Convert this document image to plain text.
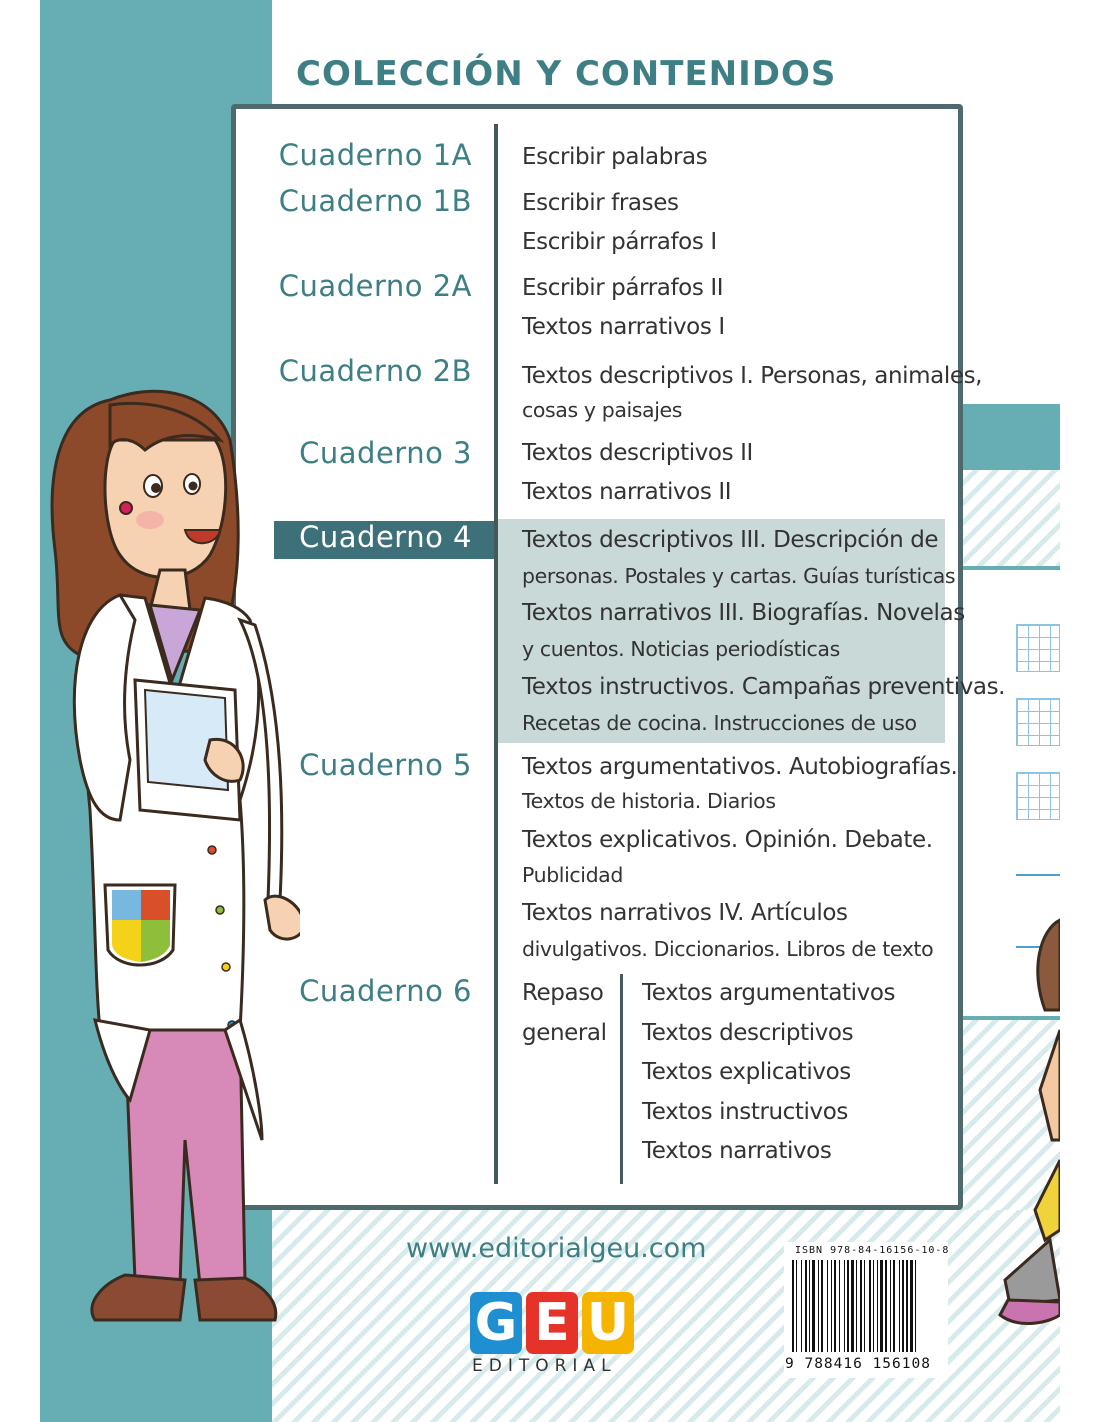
COLECCIÓN Y CONTENIDOS
Cuaderno 1A
Cuaderno 1B
Cuaderno 2A
Cuaderno 2B
Cuaderno 3
Cuaderno 4
Cuaderno 5
Cuaderno 6
Escribir palabras
Escribir frases
Escribir párrafos I
Escribir párrafos II
Textos narrativos I
Textos descriptivos I. Personas, animales,
cosas y paisajes
Textos descriptivos II
Textos narrativos II
Textos descriptivos III. Descripción de
personas. Postales y cartas. Guías turísticas
Textos narrativos III. Biografías. Novelas
y cuentos. Noticias periodísticas
Textos instructivos. Campañas preventivas.
Recetas de cocina. Instrucciones de uso
Textos argumentativos. Autobiografías.
Textos de historia. Diarios
Textos explicativos. Opinión. Debate.
Publicidad
Textos narrativos IV. Artículos
divulgativos. Diccionarios. Libros de texto
Repaso
general
Textos argumentativos
Textos descriptivos
Textos explicativos
Textos instructivos
Textos narrativos
www.editorialgeu.com
G E U
EDITORIAL
ISBN 978-84-16156-10-8
9 788416 156108
